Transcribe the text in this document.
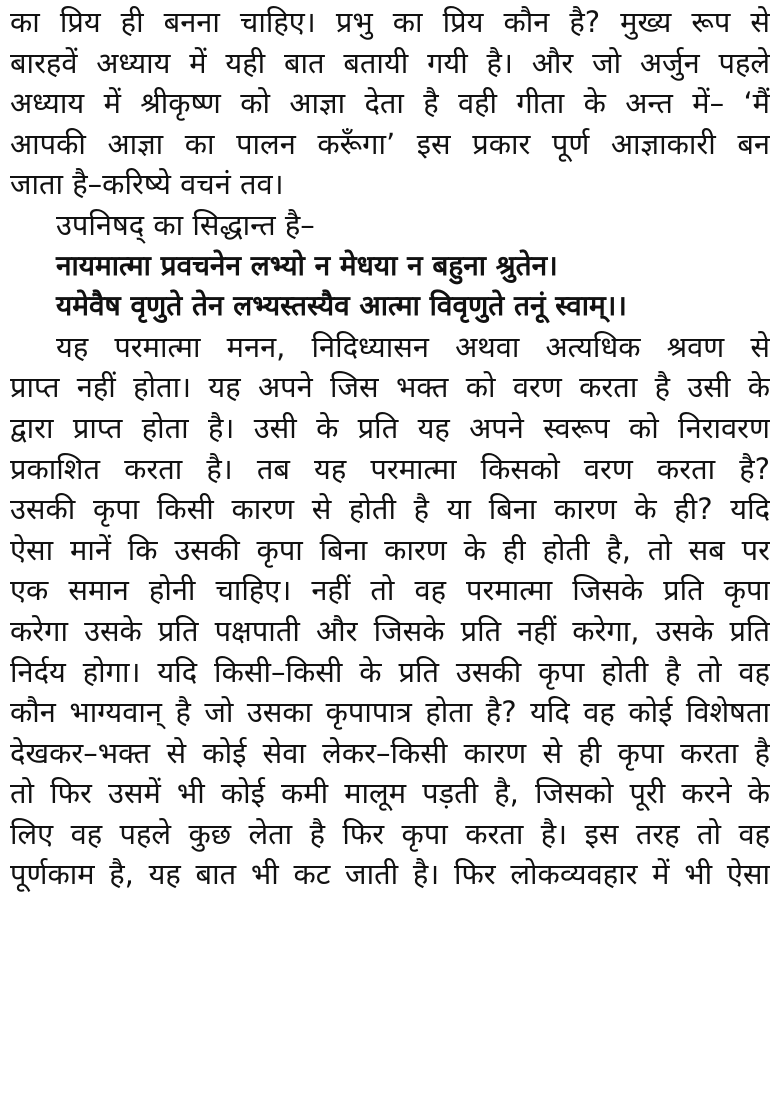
का प्रिय ही बनना चाहिए। प्रभु का प्रिय कौन है? मुख्य रूप से
बारहवें अध्याय में यही बात बतायी गयी है। और जो अर्जुन पहले
अध्याय में श्रीकृष्ण को आज्ञा देता है वही गीता के अन्त में– ‘मैं
आपकी आज्ञा का पालन करूँगा’ इस प्रकार पूर्ण आज्ञाकारी बन
जाता है–करिष्ये वचनं तव।
उपनिषद् का सिद्धान्त है–
नायमात्मा प्रवचनेन लभ्यो न मेधया न बहुना श्रुतेन।
यमेवैष वृणुते तेन लभ्यस्तस्यैव आत्मा विवृणुते तनूं स्वाम्।।
यह परमात्मा मनन, निदिध्यासन अथवा अत्यधिक श्रवण से
प्राप्त नहीं होता। यह अपने जिस भक्त को वरण करता है उसी के
द्वारा प्राप्त होता है। उसी के प्रति यह अपने स्वरूप को निरावरण
प्रकाशित करता है। तब यह परमात्मा किसको वरण करता है?
उसकी कृपा किसी कारण से होती है या बिना कारण के ही? यदि
ऐसा मानें कि उसकी कृपा बिना कारण के ही होती है, तो सब पर
एक समान होनी चाहिए। नहीं तो वह परमात्मा जिसके प्रति कृपा
करेगा उसके प्रति पक्षपाती और जिसके प्रति नहीं करेगा, उसके प्रति
निर्दय होगा। यदि किसी–किसी के प्रति उसकी कृपा होती है तो वह
कौन भाग्यवान् है जो उसका कृपापात्र होता है? यदि वह कोई विशेषता
देखकर–भक्त से कोई सेवा लेकर–किसी कारण से ही कृपा करता है
तो फिर उसमें भी कोई कमी मालूम पड़ती है, जिसको पूरी करने के
लिए वह पहले कुछ लेता है फिर कृपा करता है। इस तरह तो वह
पूर्णकाम है, यह बात भी कट जाती है। फिर लोकव्यवहार में भी ऐसा
